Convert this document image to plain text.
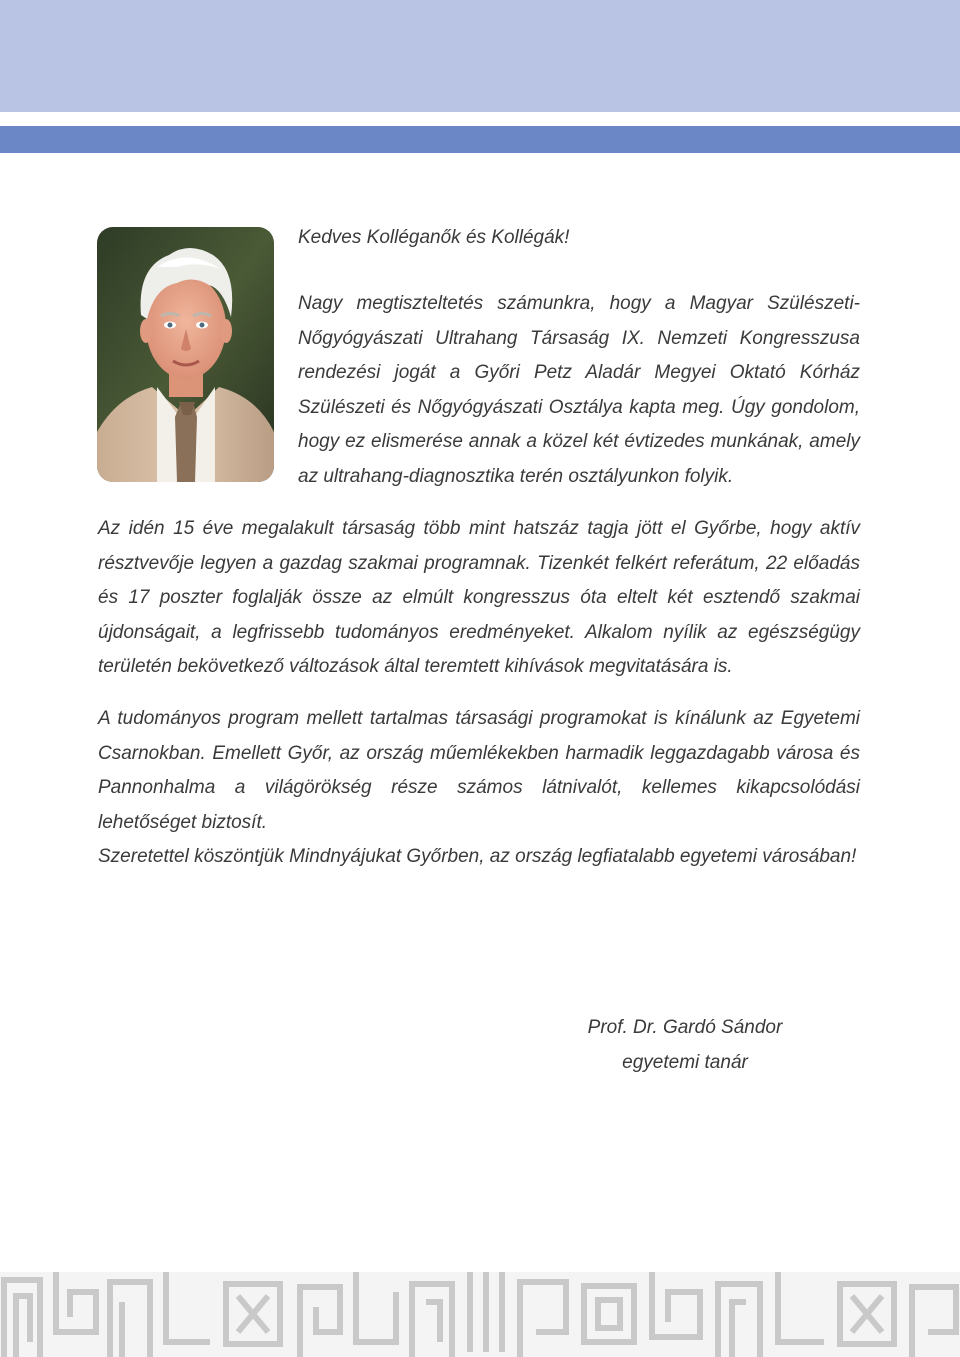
Kedves Kolléganők és Kollégák!

Nagy megtiszteltetés számunkra, hogy a Magyar Szülészeti-Nőgyógyászati Ultrahang Társaság IX. Nemzeti Kongresszusa rendezési jogát a Győri Petz Aladár Megyei Oktató Kórház Szülészeti és Nőgyógyászati Osztálya kapta meg. Úgy gondolom, hogy ez elismerése annak a közel két évtizedes munkának, amely az ultrahang-diagnosztika terén osztályunkon folyik.

Az idén 15 éve megalakult társaság több mint hatszáz tagja jött el Győrbe, hogy aktív résztvevője legyen a gazdag szakmai programnak. Tizenkét felkért referátum, 22 előadás és 17 poszter foglalják össze az elmúlt kongresszus óta eltelt két esztendő szakmai újdonságait, a legfrissebb tudományos eredményeket. Alkalom nyílik az egészségügy területén bekövetkező változások által teremtett kihívások megvitatására is.

A tudományos program mellett tartalmas társasági programokat is kínálunk az Egyetemi Csarnokban. Emellett Győr, az ország műemlékekben harmadik leggazdagabb városa és Pannonhalma a világörökség része számos látnivalót, kellemes kikapcsolódási lehetőséget biztosít.

Szeretettel köszöntjük Mindnyájukat Győrben, az ország legfiatalabb egyetemi városában!

Prof. Dr. Gardó Sándor
egyetemi tanár
